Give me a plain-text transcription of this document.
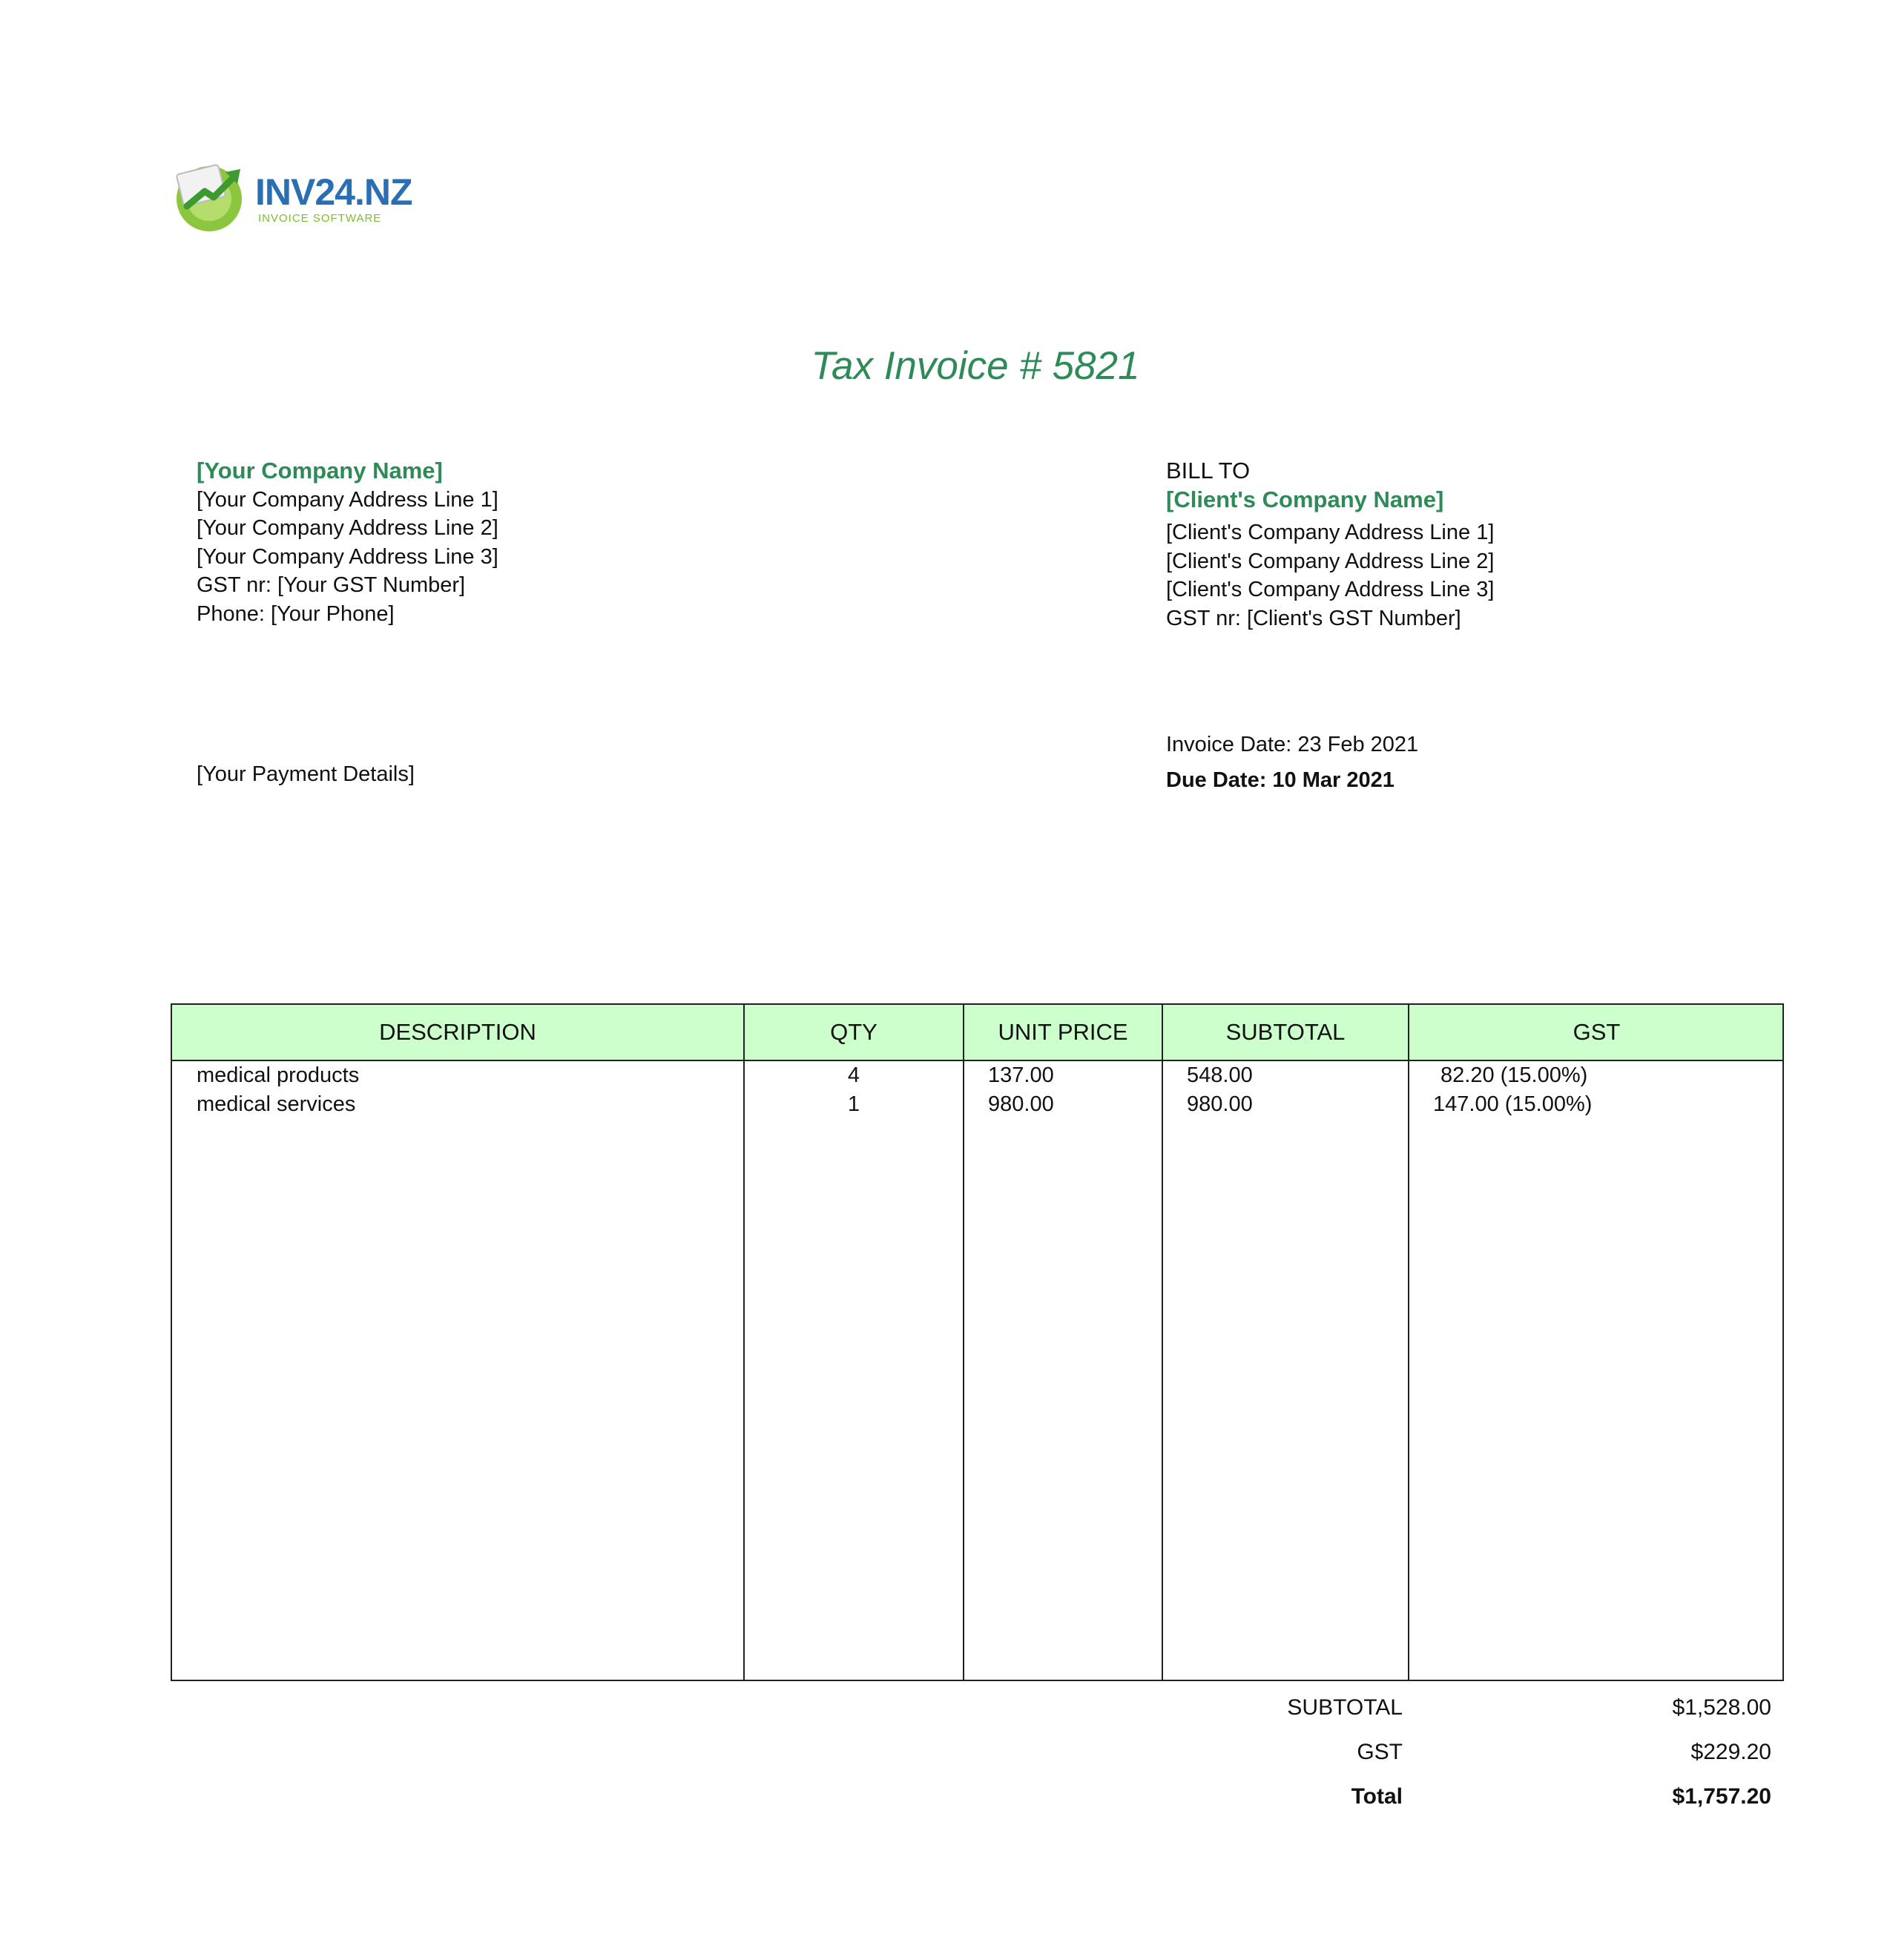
INV24.NZ
INVOICE SOFTWARE
Tax Invoice # 5821
[Your Company Name]
[Your Company Address Line 1]
[Your Company Address Line 2]
[Your Company Address Line 3]
GST nr: [Your GST Number]
Phone: [Your Phone]
BILL TO
[Client's Company Name]
[Client's Company Address Line 1]
[Client's Company Address Line 2]
[Client's Company Address Line 3]
GST nr: [Client's GST Number]
[Your Payment Details]
Invoice Date: 23 Feb 2021
Due Date: 10 Mar 2021
DESCRIPTION	QTY	UNIT PRICE	SUBTOTAL	GST
medical products	4	137.00	548.00	82.20 (15.00%)
medical services	1	980.00	980.00	147.00 (15.00%)
SUBTOTAL	$1,528.00
GST	$229.20
Total	$1,757.20
